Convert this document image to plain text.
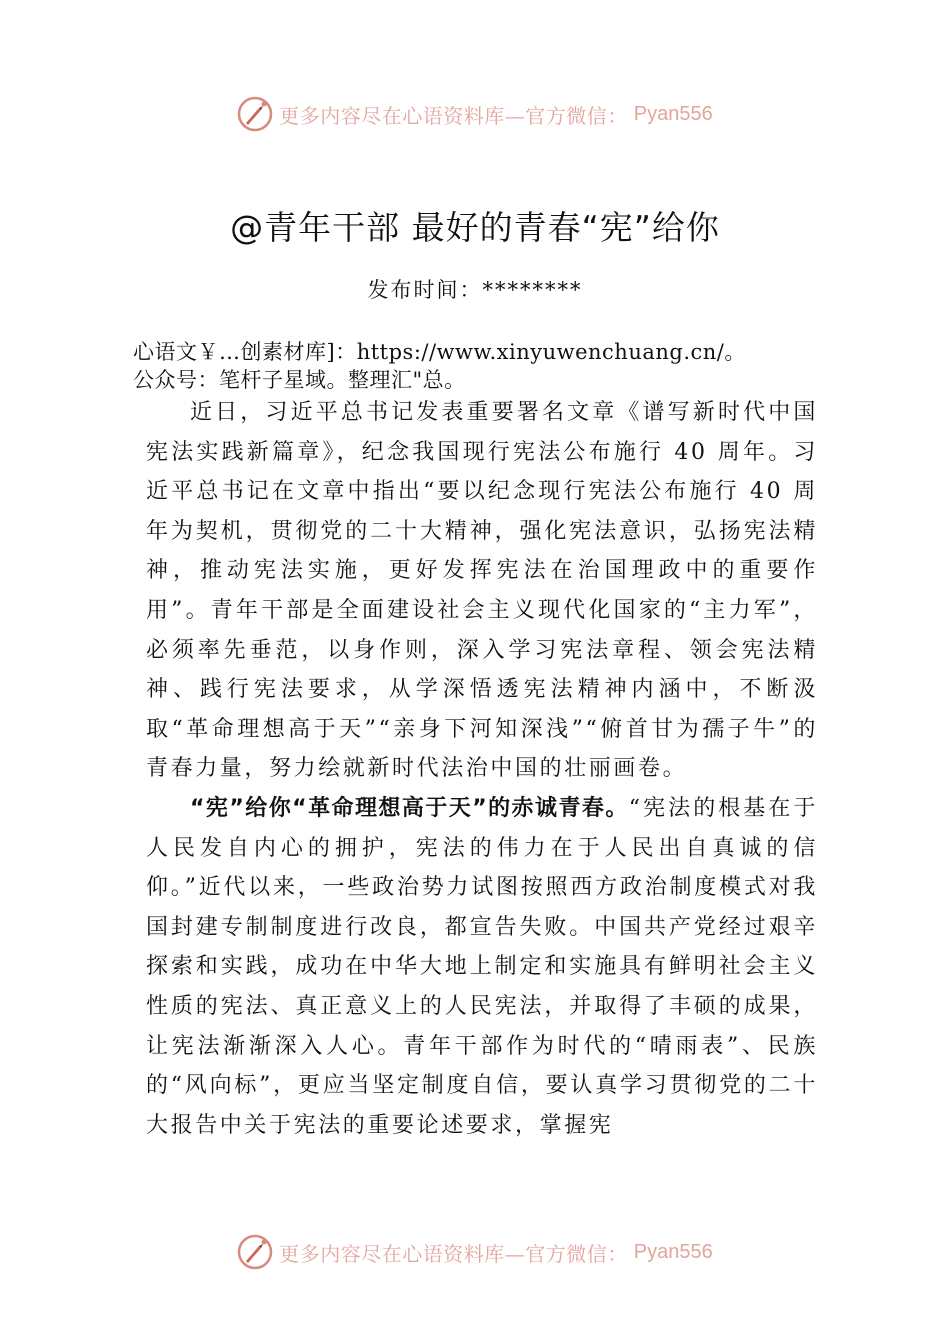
更多内容尽在心语资料库—官方微信： Pyan556
@青年干部 最好的青春“宪”给你
发布时间：********

心语文￥…创素材库]：https://www.xinyuwenchuang.cn/。

公众号：笔杆子星域。整理汇"总。

近日，习近平总书记发表重要署名文章《谱写新时代中国宪法实践新篇章》，纪念我国现行宪法公布施行 40 周年。习近平总书记在文章中指出“要以纪念现行宪法公布施行 40 周年为契机，贯彻党的二十大精神，强化宪法意识，弘扬宪法精神，推动宪法实施，更好发挥宪法在治国理政中的重要作用”。青年干部是全面建设社会主义现代化国家的“主力军”，必须率先垂范，以身作则，深入学习宪法章程、领会宪法精神、践行宪法要求，从学深悟透宪法精神内涵中，不断汲取“革命理想高于天”“亲身下河知深浅”“俯首甘为孺子牛”的青春力量，努力绘就新时代法治中国的壮丽画卷。

“宪”给你“革命理想高于天”的赤诚青春。“宪法的根基在于人民发自内心的拥护，宪法的伟力在于人民出自真诚的信仰。”近代以来，一些政治势力试图按照西方政治制度模式对我国封建专制制度进行改良，都宣告失败。中国共产党经过艰辛探索和实践，成功在中华大地上制定和实施具有鲜明社会主义性质的宪法、真正意义上的人民宪法，并取得了丰硕的成果，让宪法渐渐深入人心。青年干部作为时代的“晴雨表”、民族的“风向标”，更应当坚定制度自信，要认真学习贯彻党的二十大报告中关于宪法的重要论述要求，掌握宪

更多内容尽在心语资料库—官方微信： Pyan556
